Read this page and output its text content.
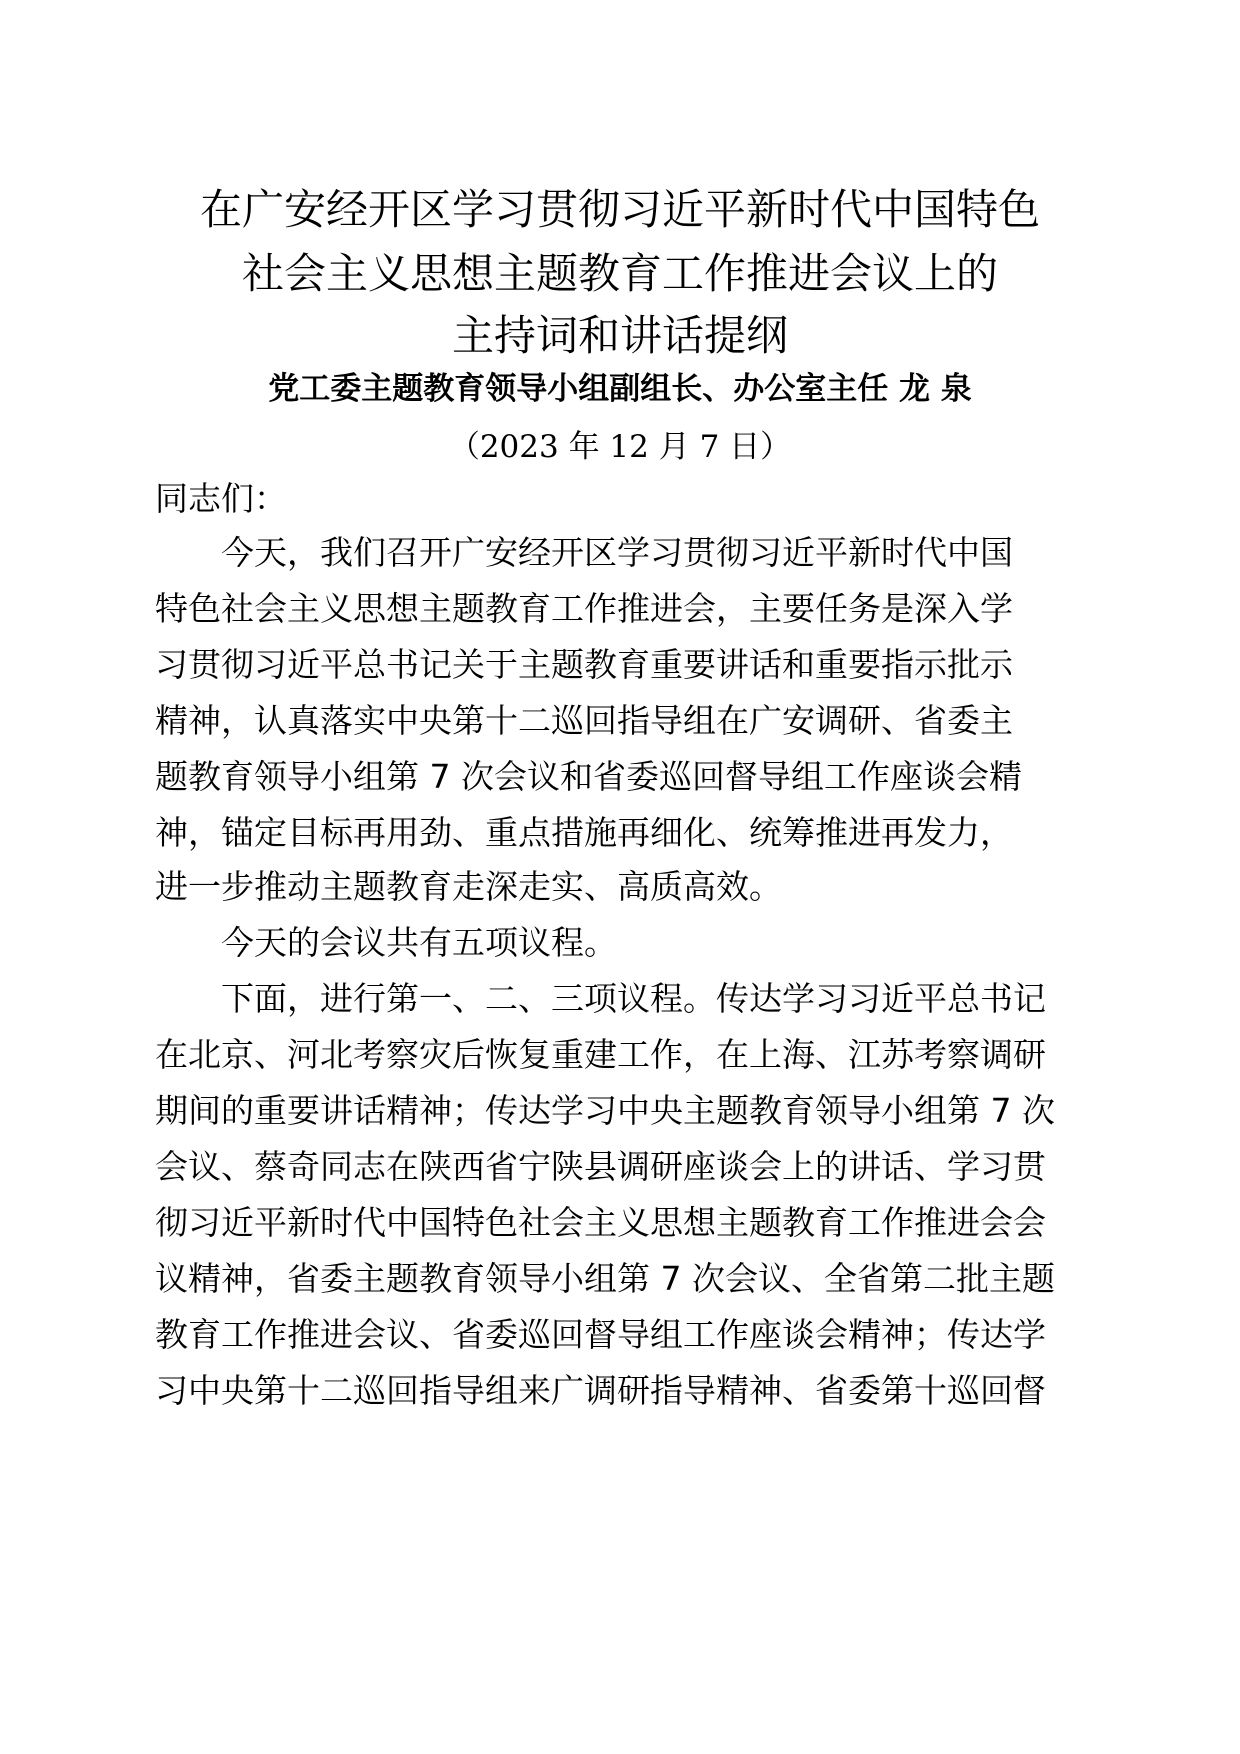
在广安经开区学习贯彻习近平新时代中国特色
社会主义思想主题教育工作推进会议上的
主持词和讲话提纲
党工委主题教育领导小组副组长、办公室主任 龙 泉
（2023 年 12 月 7 日）
同志们：
今天，我们召开广安经开区学习贯彻习近平新时代中国
特色社会主义思想主题教育工作推进会，主要任务是深入学
习贯彻习近平总书记关于主题教育重要讲话和重要指示批示
精神，认真落实中央第十二巡回指导组在广安调研、省委主
题教育领导小组第 7 次会议和省委巡回督导组工作座谈会精
神，锚定目标再用劲、重点措施再细化、统筹推进再发力，
进一步推动主题教育走深走实、高质高效。
今天的会议共有五项议程。
下面，进行第一、二、三项议程。传达学习习近平总书记
在北京、河北考察灾后恢复重建工作，在上海、江苏考察调研
期间的重要讲话精神；传达学习中央主题教育领导小组第 7 次
会议、蔡奇同志在陕西省宁陕县调研座谈会上的讲话、学习贯
彻习近平新时代中国特色社会主义思想主题教育工作推进会会
议精神，省委主题教育领导小组第 7 次会议、全省第二批主题
教育工作推进会议、省委巡回督导组工作座谈会精神；传达学
习中央第十二巡回指导组来广调研指导精神、省委第十巡回督
